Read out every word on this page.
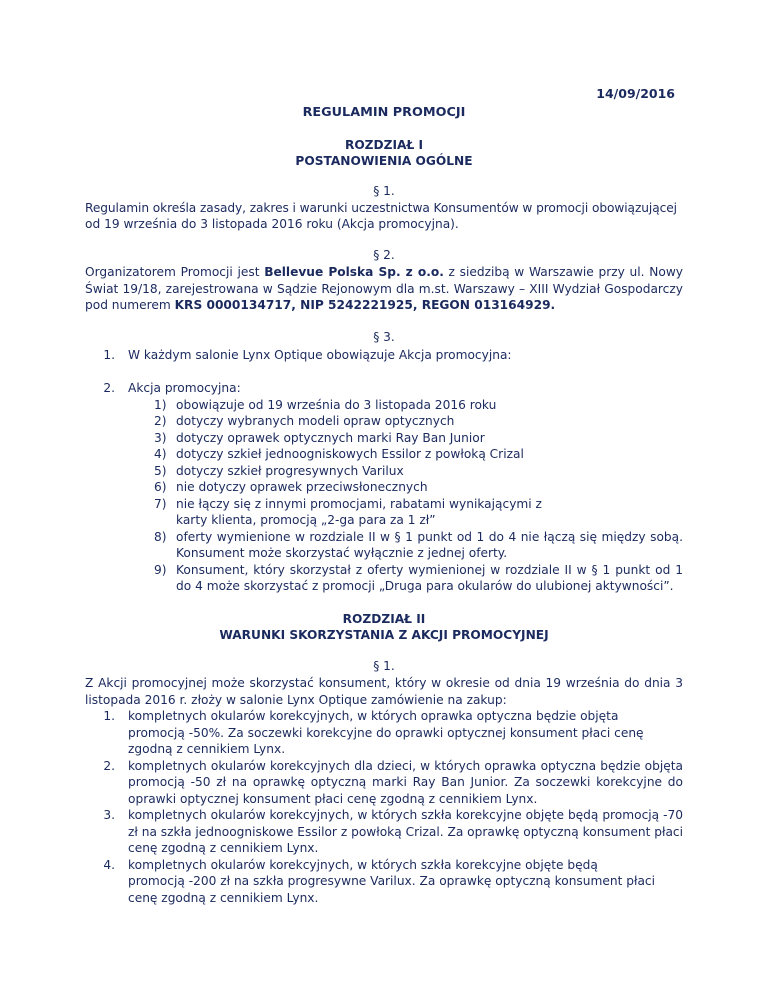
14/09/2016
REGULAMIN PROMOCJI
ROZDZIAŁ I
POSTANOWIENIA OGÓLNE
§ 1.
Regulamin określa zasady, zakres i warunki uczestnictwa Konsumentów w promocji obowiązującej
od 19 września do 3 listopada 2016 roku (Akcja promocyjna).
§ 2.
Organizatorem Promocji jest Bellevue Polska Sp. z o.o. z siedzibą w Warszawie przy ul. Nowy Świat 19/18, zarejestrowana w Sądzie Rejonowym dla m.st. Warszawy – XIII Wydział Gospodarczy pod numerem KRS 0000134717, NIP 5242221925, REGON 013164929.
§ 3.
1. W każdym salonie Lynx Optique obowiązuje Akcja promocyjna:
2. Akcja promocyjna:
1) obowiązuje od 19 września do 3 listopada 2016 roku
2) dotyczy wybranych modeli opraw optycznych
3) dotyczy oprawek optycznych marki Ray Ban Junior
4) dotyczy szkieł jednoogniskowych Essilor z powłoką Crizal
5) dotyczy szkieł progresywnych Varilux
6) nie dotyczy oprawek przeciwsłonecznych
7) nie łączy się z innymi promocjami, rabatami wynikającymi z karty klienta, promocją „2-ga para za 1 zł”
8) oferty wymienione w rozdziale II w § 1 punkt od 1 do 4 nie łączą się między sobą. Konsument może skorzystać wyłącznie z jednej oferty.
9) Konsument, który skorzystał z oferty wymienionej w rozdziale II w § 1 punkt od 1 do 4 może skorzystać z promocji „Druga para okularów do ulubionej aktywności”.
ROZDZIAŁ II
WARUNKI SKORZYSTANIA Z AKCJI PROMOCYJNEJ
§ 1.
Z Akcji promocyjnej może skorzystać konsument, który w okresie od dnia 19 września do dnia 3 listopada 2016 r. złoży w salonie Lynx Optique zamówienie na zakup:
1. kompletnych okularów korekcyjnych, w których oprawka optyczna będzie objęta promocją -50%. Za soczewki korekcyjne do oprawki optycznej konsument płaci cenę zgodną z cennikiem Lynx.
2. kompletnych okularów korekcyjnych dla dzieci, w których oprawka optyczna będzie objęta promocją -50 zł na oprawkę optyczną marki Ray Ban Junior. Za soczewki korekcyjne do oprawki optycznej konsument płaci cenę zgodną z cennikiem Lynx.
3. kompletnych okularów korekcyjnych, w których szkła korekcyjne objęte będą promocją -70 zł na szkła jednoogniskowe Essilor z powłoką Crizal. Za oprawkę optyczną konsument płaci cenę zgodną z cennikiem Lynx.
4. kompletnych okularów korekcyjnych, w których szkła korekcyjne objęte będą promocją -200 zł na szkła progresywne Varilux. Za oprawkę optyczną konsument płaci cenę zgodną z cennikiem Lynx.
